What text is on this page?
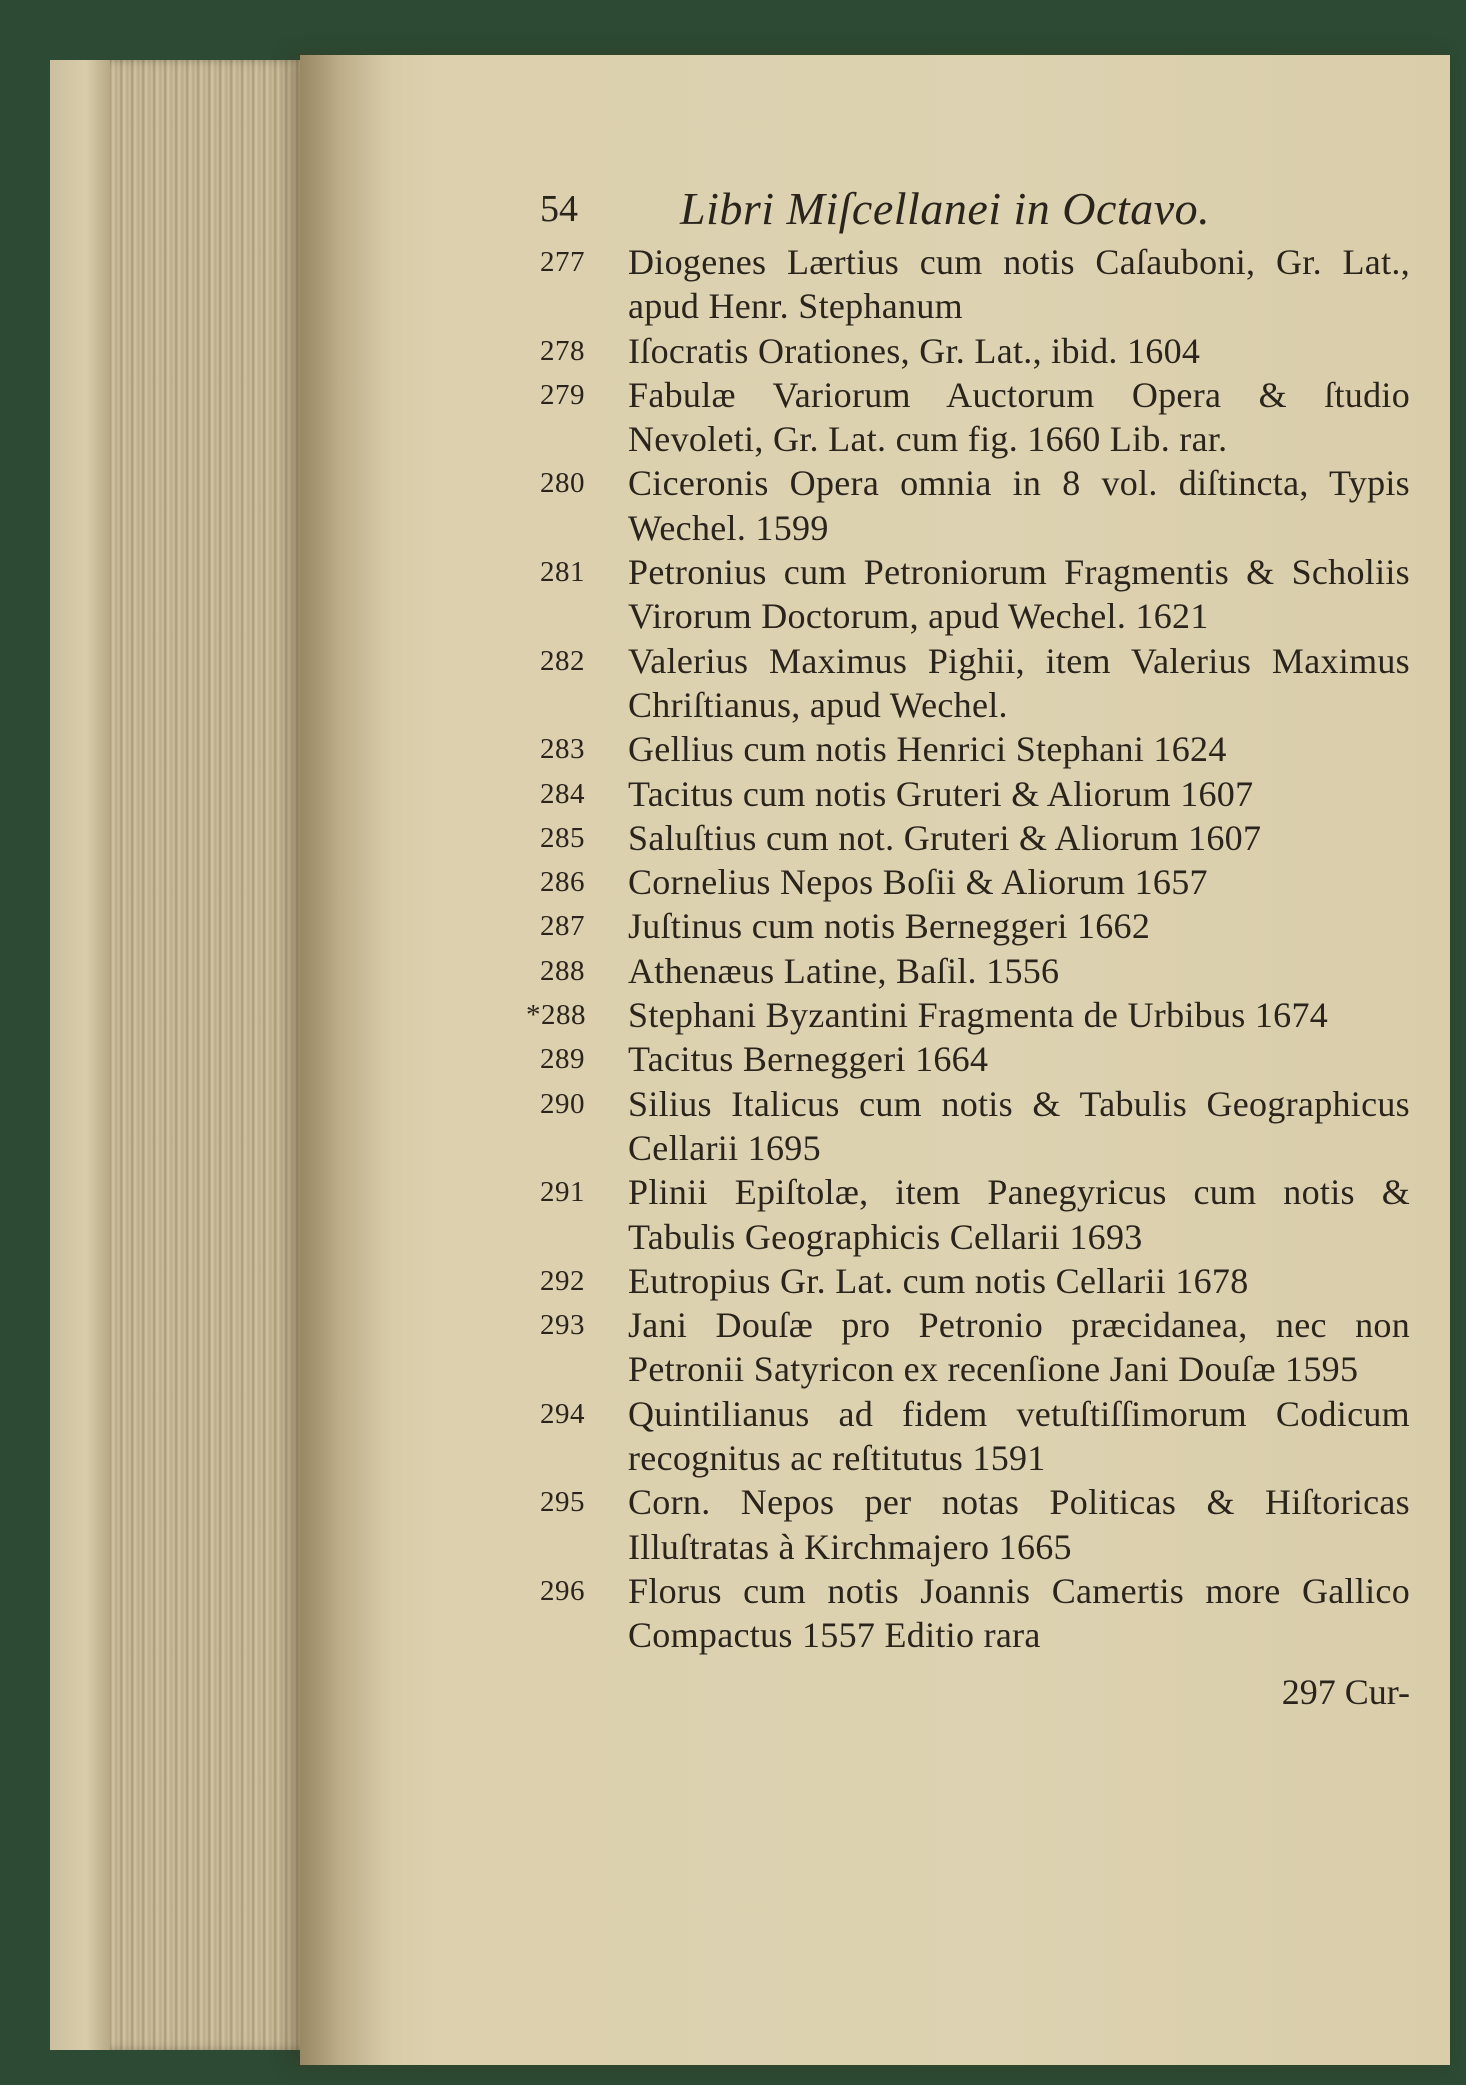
54 Libri Miſcellanei in Octavo.
277	Diogenes Lærtius cum notis Caſauboni, Gr. Lat., apud Henr. Stephanum
278	Iſocratis Orationes, Gr. Lat., ibid. 1604
279	Fabulæ Variorum Auctorum Opera & ſtudio Nevoleti, Gr. Lat. cum fig. 1660 Lib. rar.
280	Ciceronis Opera omnia in 8 vol. diſtincta, Typis Wechel. 1599
281	Petronius cum Petroniorum Fragmentis & Scholiis Virorum Doctorum, apud Wechel. 1621
282	Valerius Maximus Pighii, item Valerius Maximus Chriſtianus, apud Wechel.
283	Gellius cum notis Henrici Stephani 1624
284	Tacitus cum notis Gruteri & Aliorum 1607
285	Saluſtius cum not. Gruteri & Aliorum 1607
286	Cornelius Nepos Boſii & Aliorum 1657
287	Juſtinus cum notis Berneggeri 1662
288	Athenæus Latine, Baſil. 1556
*288	Stephani Byzantini Fragmenta de Urbibus 1674
289	Tacitus Berneggeri 1664
290	Silius Italicus cum notis & Tabulis Geographicus Cellarii 1695
291	Plinii Epiſtolæ, item Panegyricus cum notis & Tabulis Geographicis Cellarii 1693
292	Eutropius Gr. Lat. cum notis Cellarii 1678
293	Jani Douſæ pro Petronio præcidanea, nec non Petronii Satyricon ex recenſione Jani Douſæ 1595
294	Quintilianus ad fidem vetuſtiſſimorum Codicum recognitus ac reſtitutus 1591
295	Corn. Nepos per notas Politicas & Hiſtoricas Illuſtratas à Kirchmajero 1665
296	Florus cum notis Joannis Camertis more Gallico Compactus 1557 Editio rara
297 Cur-
